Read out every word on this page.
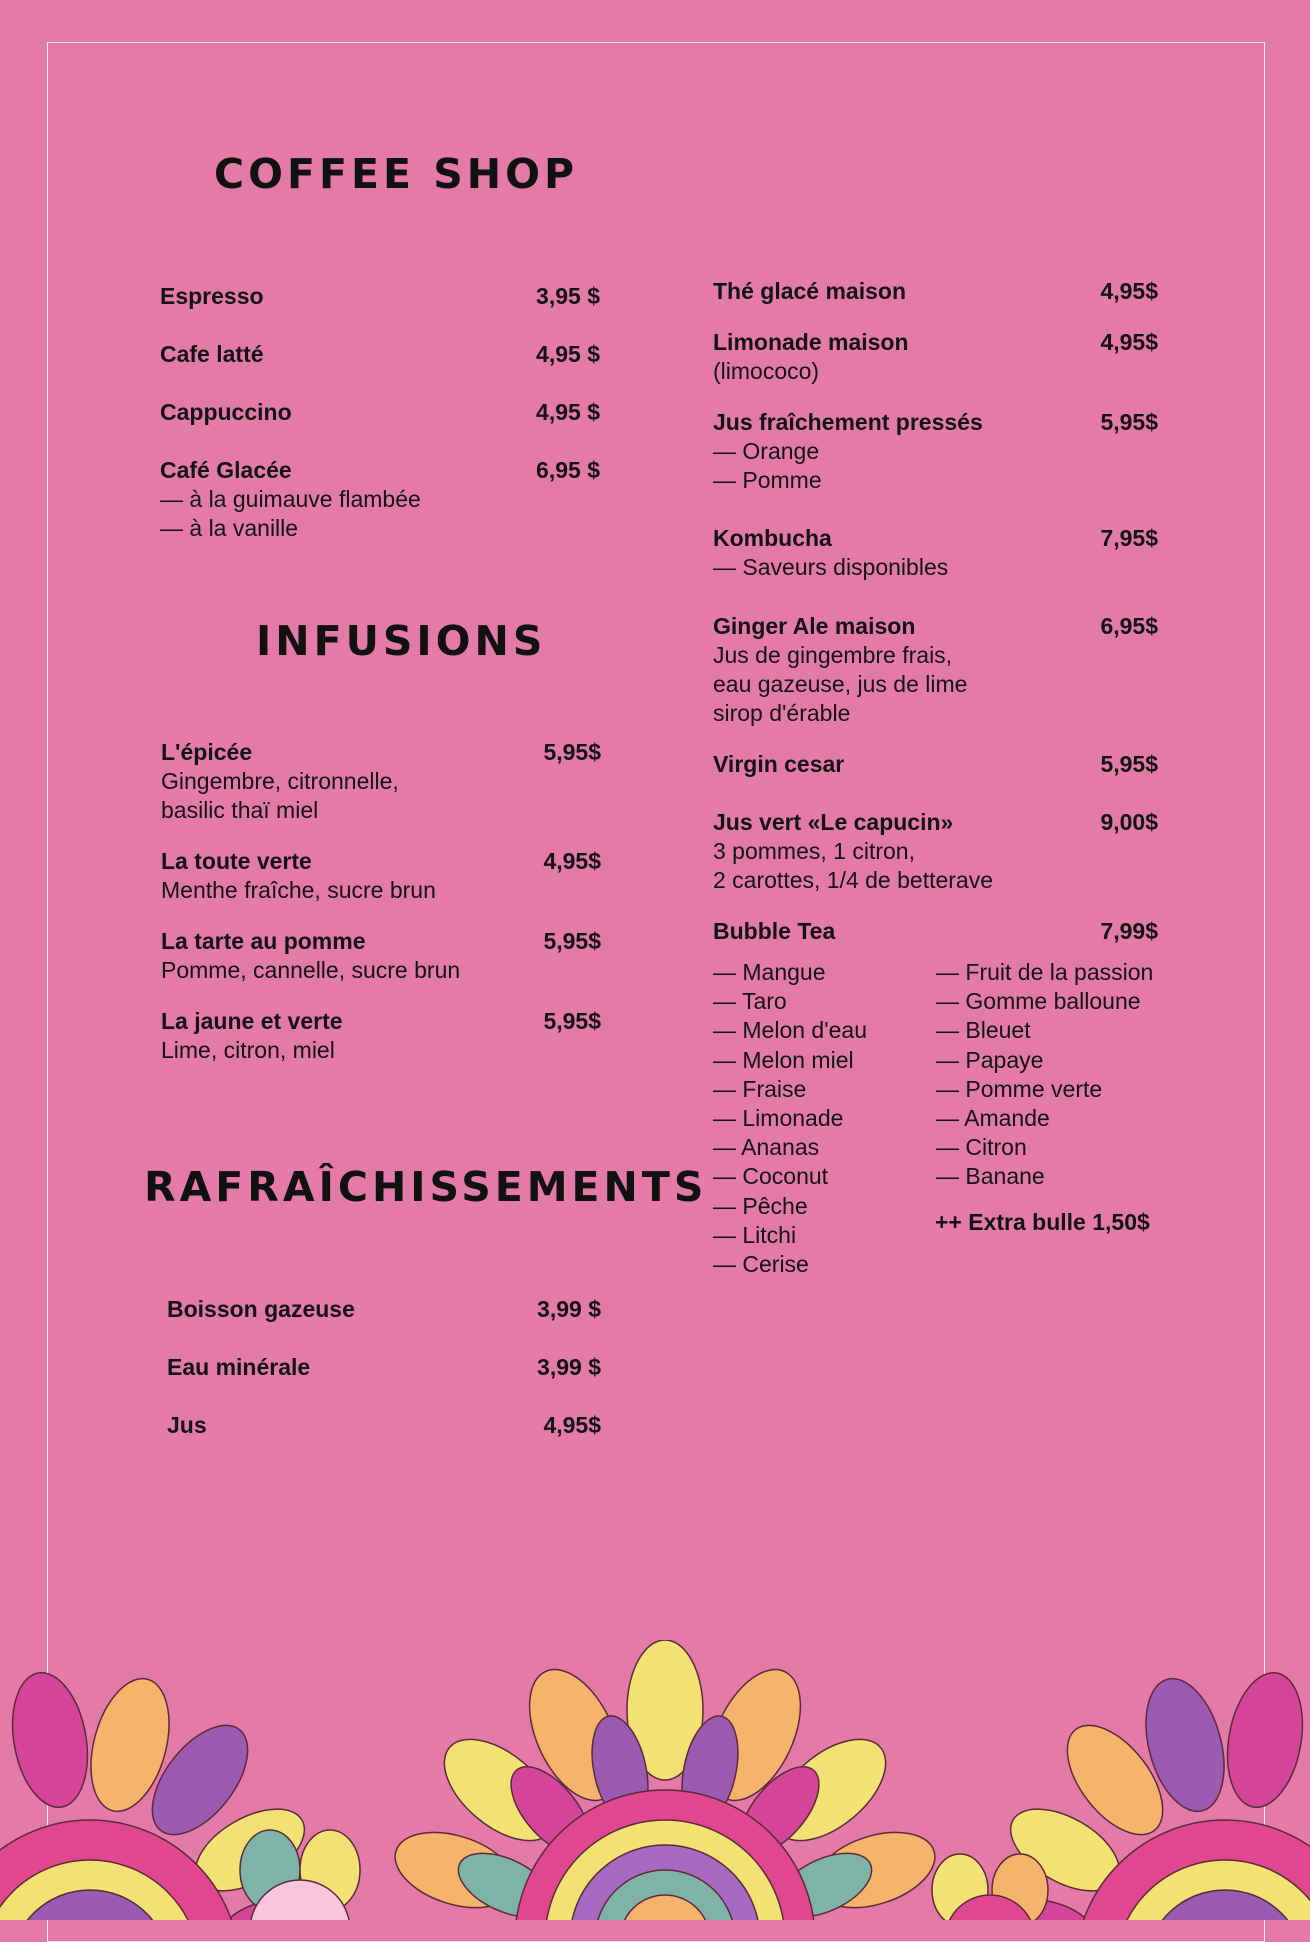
COFFEE SHOP
INFUSIONS
RAFRAÎCHISSEMENTS
Espresso	3,95 $
Cafe latté	4,95 $
Cappuccino	4,95 $
Café Glacée	6,95 $
— à la guimauve flambée
— à la vanille
L'épicée	5,95$
Gingembre, citronnelle,
basilic thaï miel
La toute verte	4,95$
Menthe fraîche, sucre brun
La tarte au pomme	5,95$
Pomme, cannelle, sucre brun
La jaune et verte	5,95$
Lime, citron, miel
Boisson gazeuse	3,99 $
Eau minérale	3,99 $
Jus	4,95$
Thé glacé maison	4,95$
Limonade maison	4,95$
(limococo)
Jus fraîchement pressés	5,95$
— Orange
— Pomme
Kombucha	7,95$
— Saveurs disponibles
Ginger Ale maison	6,95$
Jus de gingembre frais,
eau gazeuse, jus de lime
sirop d'érable
Virgin cesar	5,95$
Jus vert «Le capucin»	9,00$
3 pommes, 1 citron,
2 carottes, 1/4 de betterave
Bubble Tea	7,99$
— Mangue
— Taro
— Melon d'eau
— Melon miel
— Fraise
— Limonade
— Ananas
— Coconut
— Pêche
— Litchi
— Cerise
— Fruit de la passion
— Gomme balloune
— Bleuet
— Papaye
— Pomme verte
— Amande
— Citron
— Banane
++ Extra bulle 1,50$
